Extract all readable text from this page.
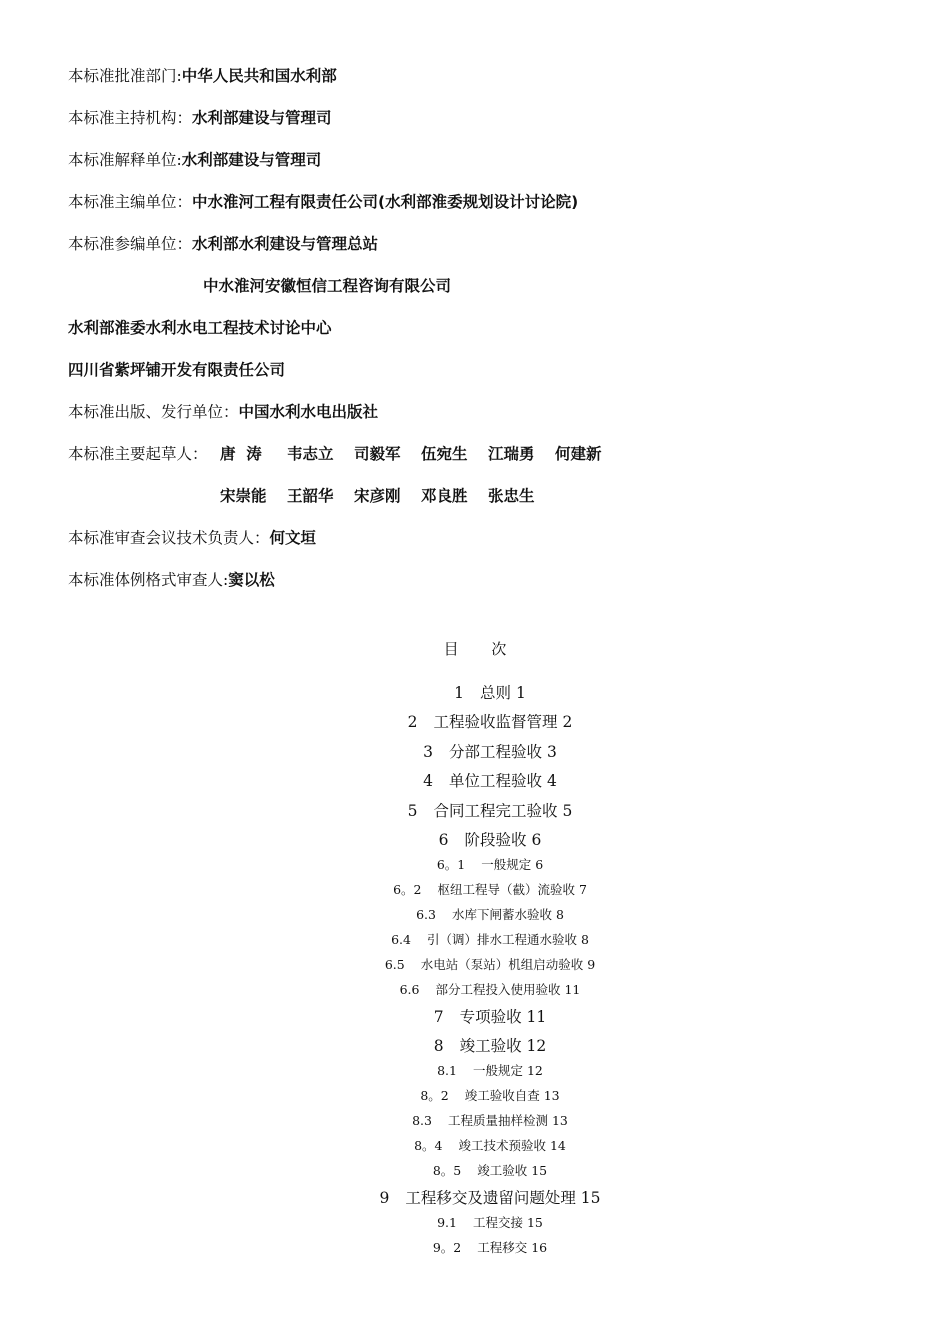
本标准批准部门:中华人民共和国水利部
本标准主持机构：水利部建设与管理司
本标准解释单位:水利部建设与管理司
本标准主编单位：中水淮河工程有限责任公司(水利部淮委规划设计讨论院)
本标准参编单位：水利部水利建设与管理总站
中水淮河安徽恒信工程咨询有限公司
水利部淮委水利水电工程技术讨论中心
四川省紫坪铺开发有限责任公司
本标准出版、发行单位：中国水利水电出版社
本标准主要起草人： 唐  涛 韦志立 司毅军 伍宛生 江瑞勇 何建新
宋崇能 王韶华 宋彦刚 邓良胜 张忠生
本标准审查会议技术负责人：何文垣
本标准体例格式审查人:窦以松
目 次
1 总则 1
2 工程验收监督管理 2
3 分部工程验收 3
4 单位工程验收 4
5 合同工程完工验收 5
6 阶段验收 6
6。1 一般规定 6
6。2 枢纽工程导（截）流验收 7
6.3 水库下闸蓄水验收 8
6.4 引（调）排水工程通水验收 8
6.5 水电站（泵站）机组启动验收 9
6.6 部分工程投入使用验收 11
7 专项验收 11
8 竣工验收 12
8.1 一般规定 12
8。2 竣工验收自查 13
8.3 工程质量抽样检测 13
8。4 竣工技术预验收 14
8。5 竣工验收 15
9 工程移交及遗留问题处理 15
9.1 工程交接 15
9。2 工程移交 16
